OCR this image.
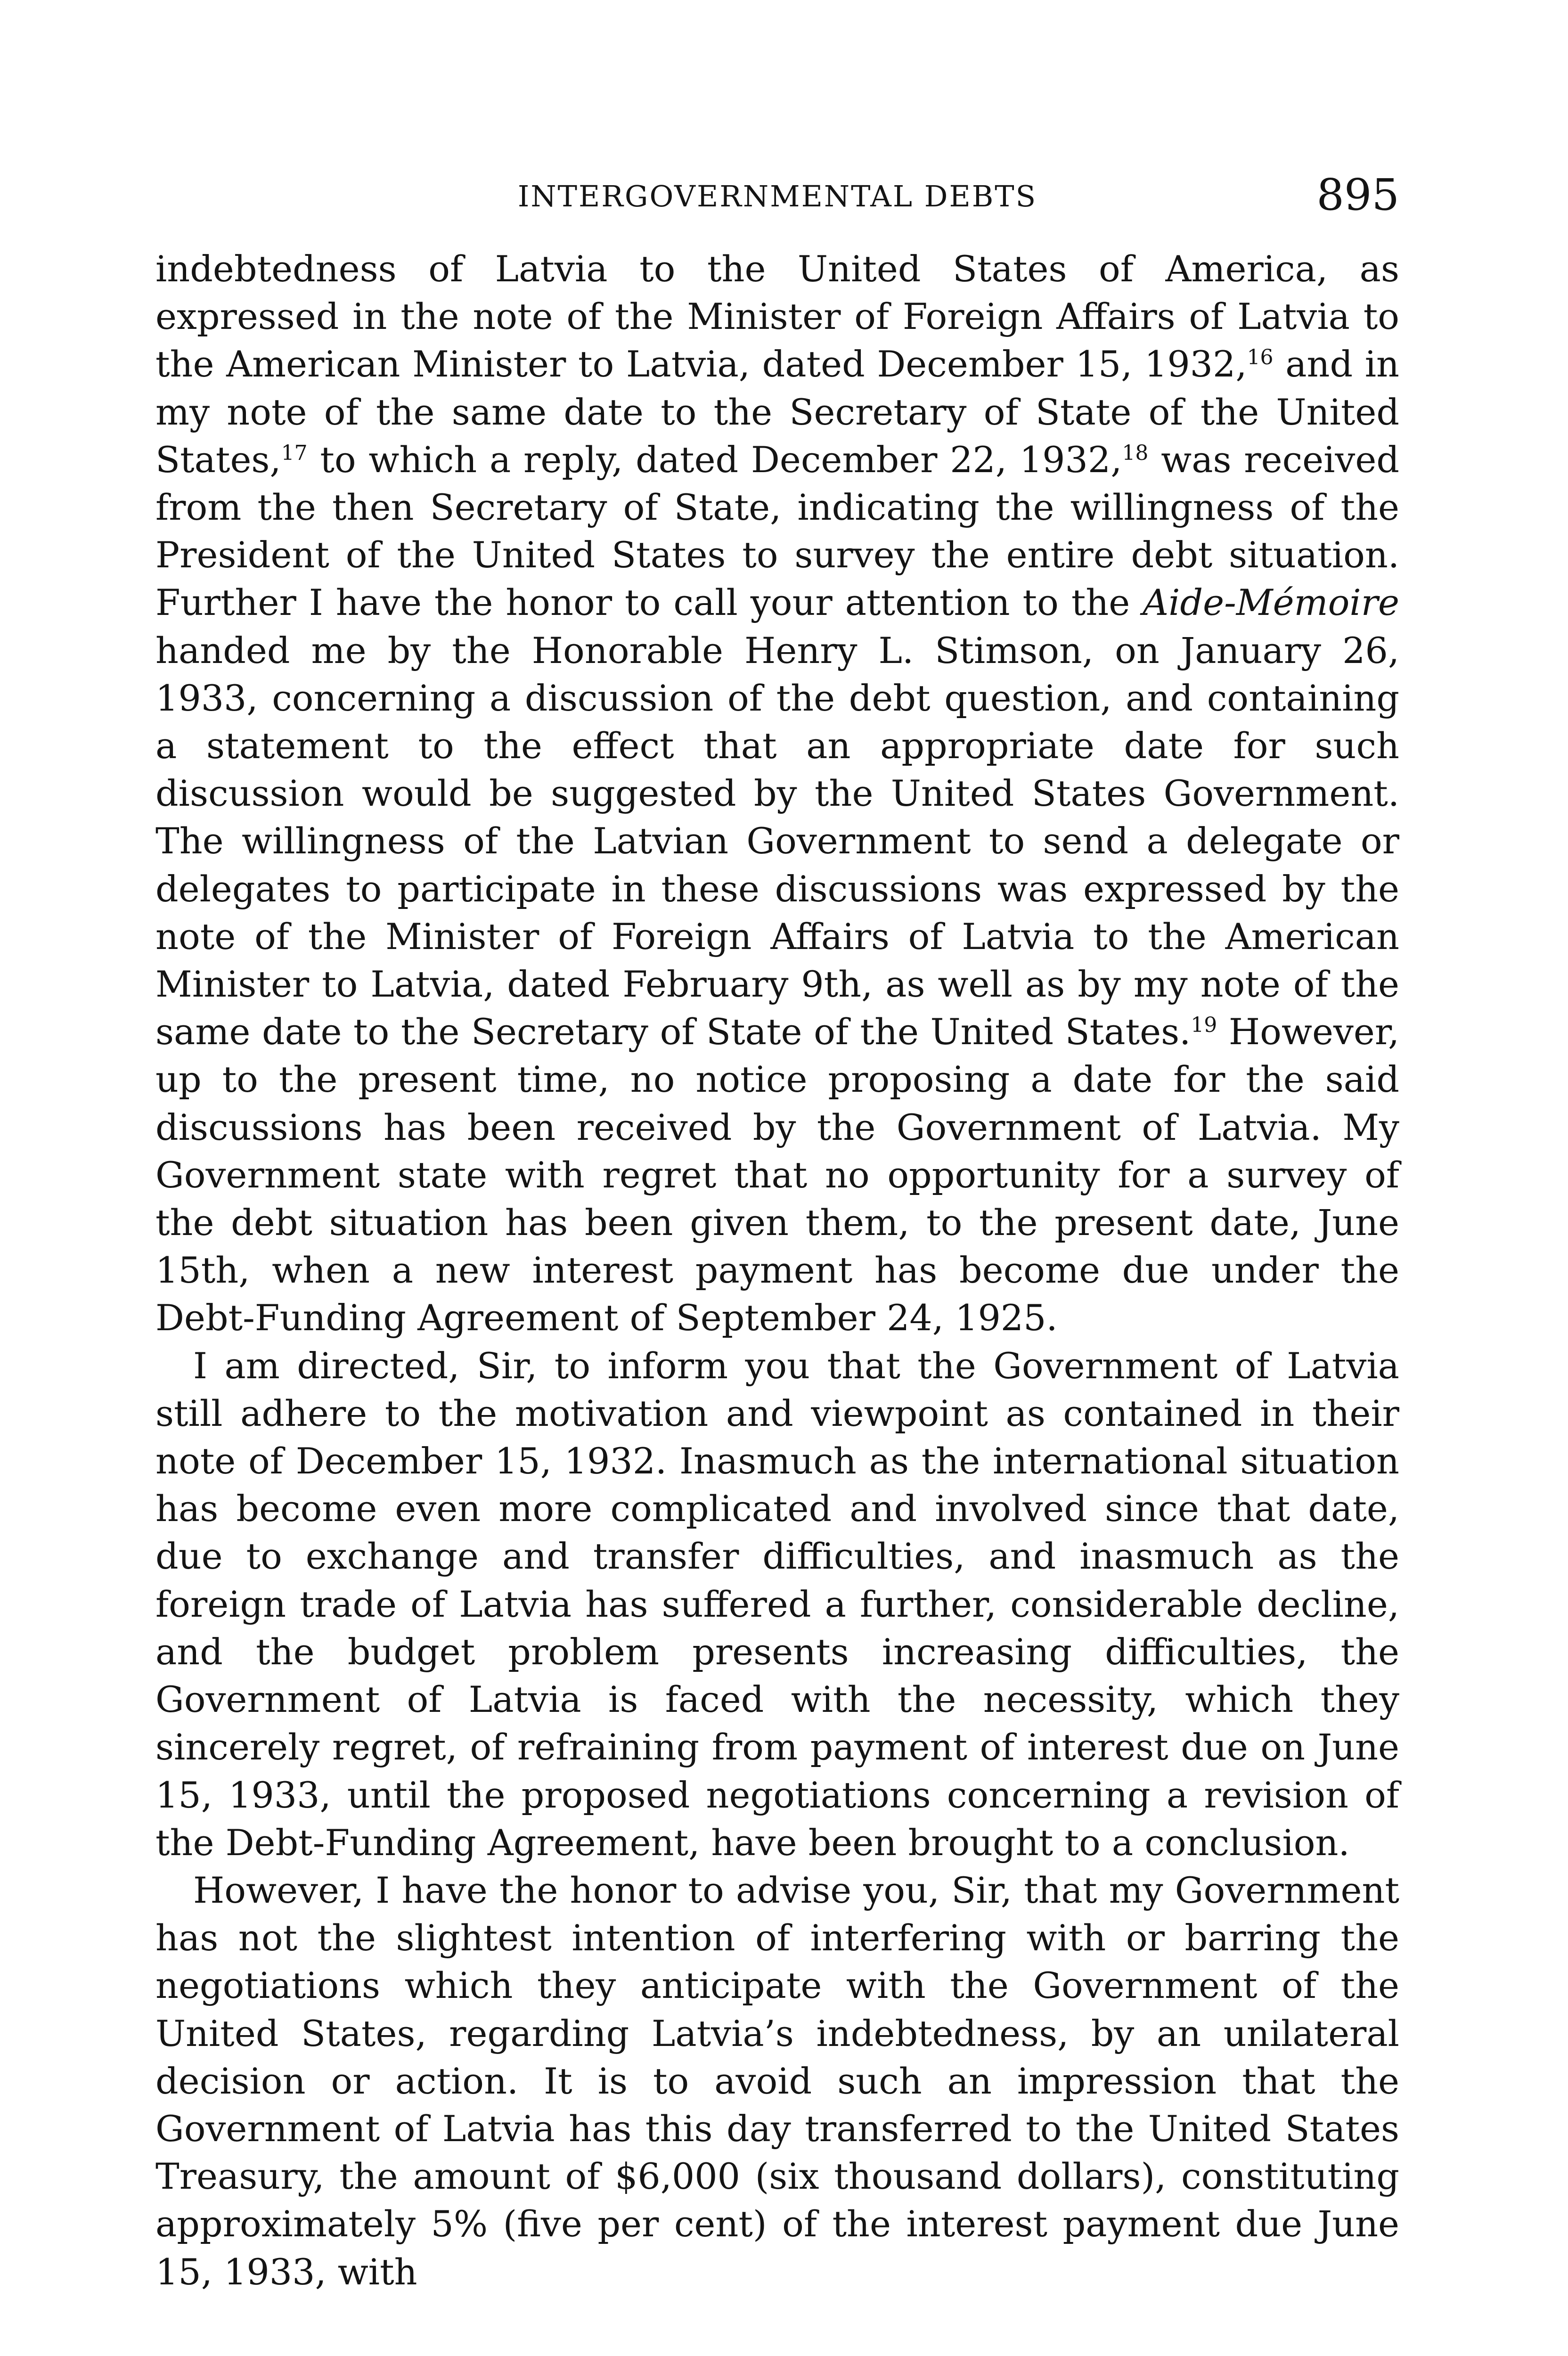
INTERGOVERNMENTAL DEBTS	895

indebtedness of Latvia to the United States of America, as expressed in the note of the Minister of Foreign Affairs of Latvia to the American Minister to Latvia, dated December 15, 1932,16 and in my note of the same date to the Secretary of State of the United States,$^{17}$ to which a reply, dated December 22, 1932,18 was received from the then Secretary of State, indicating the willingness of the President of the United States to survey the entire debt situation. Further I have the honor to call your attention to the Aide-Mémoire handed me by the Honorable Henry L. Stimson, on January 26, 1933, concerning a discussion of the debt question, and containing a statement to the effect that an appropriate date for such discussion would be suggested by the United States Government. The willingness of the Latvian Government to send a delegate or delegates to participate in these discussions was expressed by the note of the Minister of Foreign Affairs of Latvia to the American Minister to Latvia, dated February 9th, as well as by my note of the same date to the Secretary of State of the United States.$^{19}$ However, up to the present time, no notice proposing a date for the said discussions has been received by the Government of Latvia. My Government state with regret that no opportunity for a survey of the debt situation has been given them, to the present date, June 15th, when a new interest payment has become due under the Debt-Funding Agreement of September 24, 1925.

I am directed, Sir, to inform you that the Government of Latvia still adhere to the motivation and viewpoint as contained in their note of December 15, 1932. Inasmuch as the international situation has become even more complicated and involved since that date, due to exchange and transfer difficulties, and inasmuch as the foreign trade of Latvia has suffered a further, considerable decline, and the budget problem presents increasing difficulties, the Government of Latvia is faced with the necessity, which they sincerely regret, of refraining from payment of interest due on June 15, 1933, until the proposed negotiations concerning a revision of the Debt-Funding Agreement, have been brought to a conclusion.

However, I have the honor to advise you, Sir, that my Government has not the slightest intention of interfering with or barring the negotiations which they anticipate with the Government of the United States, regarding Latvia’s indebtedness, by an unilateral decision or action. It is to avoid such an impression that the Government of Latvia has this day transferred to the United States Treasury, the amount of $6,000 (six thousand dollars), constituting approximately 5% (five per cent) of the interest payment due June 15, 1933, with
